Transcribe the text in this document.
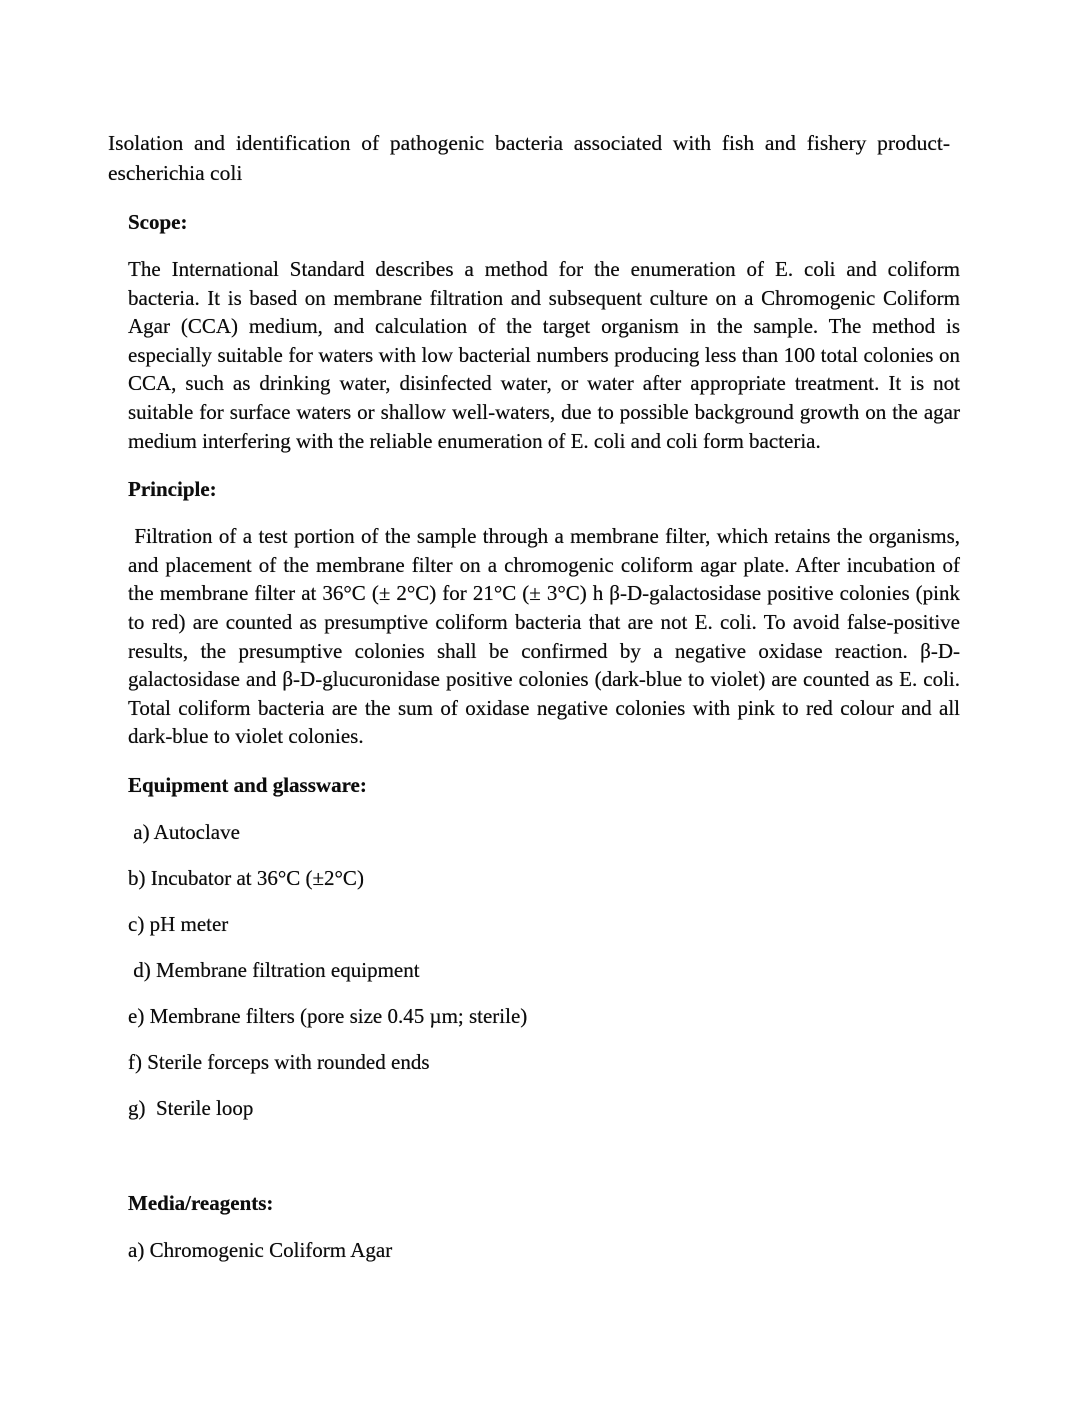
Isolation and identification of pathogenic bacteria associated with fish and fishery product- escherichia coli
Scope:

The International Standard describes a method for the enumeration of E. coli and coliform bacteria. It is based on membrane filtration and subsequent culture on a Chromogenic Coliform Agar (CCA) medium, and calculation of the target organism in the sample. The method is especially suitable for waters with low bacterial numbers producing less than 100 total colonies on CCA, such as drinking water, disinfected water, or water after appropriate treatment. It is not suitable for surface waters or shallow well-waters, due to possible background growth on the agar medium interfering with the reliable enumeration of E. coli and coli form bacteria.

Principle:

Filtration of a test portion of the sample through a membrane filter, which retains the organisms, and placement of the membrane filter on a chromogenic coliform agar plate. After incubation of the membrane filter at 36°C (± 2°C) for 21°C (± 3°C) h β-D-galactosidase positive colonies (pink to red) are counted as presumptive coliform bacteria that are not E. coli. To avoid false-positive results, the presumptive colonies shall be confirmed by a negative oxidase reaction. β-D-galactosidase and β-D-glucuronidase positive colonies (dark-blue to violet) are counted as E. coli. Total coliform bacteria are the sum of oxidase negative colonies with pink to red colour and all dark-blue to violet colonies.

Equipment and glassware:

a) Autoclave

b) Incubator at 36°C (±2°C)

c) pH meter

d) Membrane filtration equipment

e) Membrane filters (pore size 0.45 µm; sterile)

f) Sterile forceps with rounded ends

g)  Sterile loop

Media/reagents:

a) Chromogenic Coliform Agar
